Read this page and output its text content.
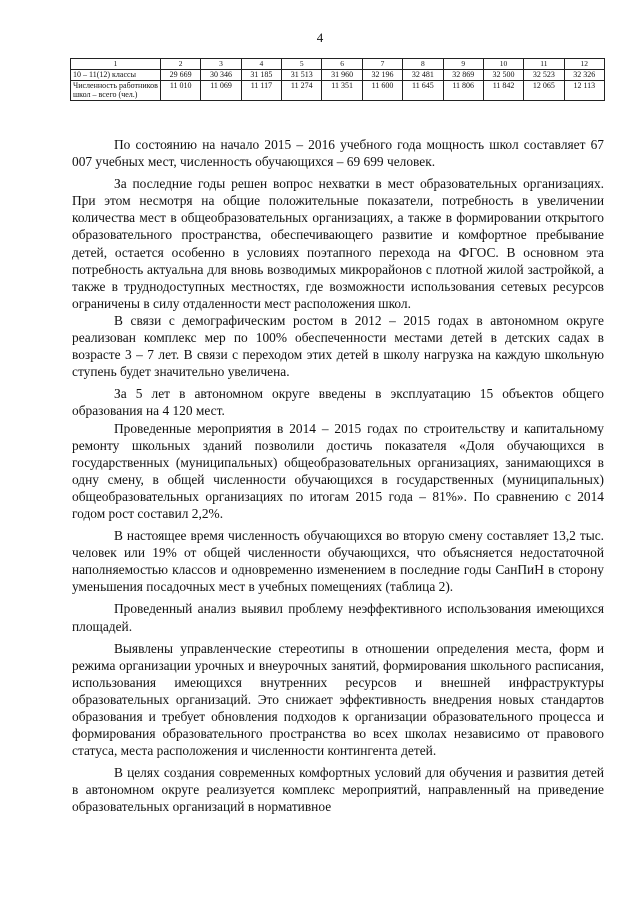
4
1	2	3	4	5	6	7	8	9	10	11	12
10 – 11(12) классы	29 669	30 346	31 185	31 513	31 960	32 196	32 481	32 869	32 500	32 523	32 326
Численность работников школ – всего (чел.)	11 010	11 069	11 117	11 274	11 351	11 600	11 645	11 806	11 842	12 065	12 113

По состоянию на начало 2015 – 2016 учебного года мощность школ составляет 67 007 учебных мест, численность обучающихся – 69 699 человек.

За последние годы решен вопрос нехватки в мест образовательных организациях. При этом несмотря на общие положительные показатели, потребность в увеличении количества мест в общеобразовательных организациях, а также в формировании открытого образовательного пространства, обеспечивающего развитие и комфортное пребывание детей, остается особенно в условиях поэтапного перехода на ФГОС. В основном эта потребность актуальна для вновь возводимых микрорайонов с плотной жилой застройкой, а также в труднодоступных местностях, где возможности использования сетевых ресурсов ограничены в силу отдаленности мест расположения школ.

В связи с демографическим ростом в 2012 – 2015 годах в автономном округе реализован комплекс мер по 100% обеспеченности местами детей в детских садах в возрасте 3 – 7 лет. В связи с переходом этих детей в школу нагрузка на каждую школьную ступень будет значительно увеличена.

За 5 лет в автономном округе введены в эксплуатацию 15 объектов общего образования на 4 120 мест.

Проведенные мероприятия в 2014 – 2015 годах по строительству и капитальному ремонту школьных зданий позволили достичь показателя «Доля обучающихся в государственных (муниципальных) общеобразовательных организациях, занимающихся в одну смену, в общей численности обучающихся в государственных (муниципальных) общеобразовательных организациях по итогам 2015 года – 81%». По сравнению с 2014 годом рост составил 2,2%.

В настоящее время численность обучающихся во вторую смену составляет 13,2 тыс. человек или 19% от общей численности обучающихся, что объясняется недостаточной наполняемостью классов и одновременно изменением в последние годы СанПиН в сторону уменьшения посадочных мест в учебных помещениях (таблица 2).

Проведенный анализ выявил проблему неэффективного использования имеющихся площадей.

Выявлены управленческие стереотипы в отношении определения места, форм и режима организации урочных и внеурочных занятий, формирования школьного расписания, использования имеющихся внутренних ресурсов и внешней инфраструктуры образовательных организаций. Это снижает эффективность внедрения новых стандартов образования и требует обновления подходов к организации образовательного процесса и формирования образовательного пространства во всех школах независимо от правового статуса, места расположения и численности контингента детей.

В целях создания современных комфортных условий для обучения и развития детей в автономном округе реализуется комплекс мероприятий, направленный на приведение образовательных организаций в нормативное
